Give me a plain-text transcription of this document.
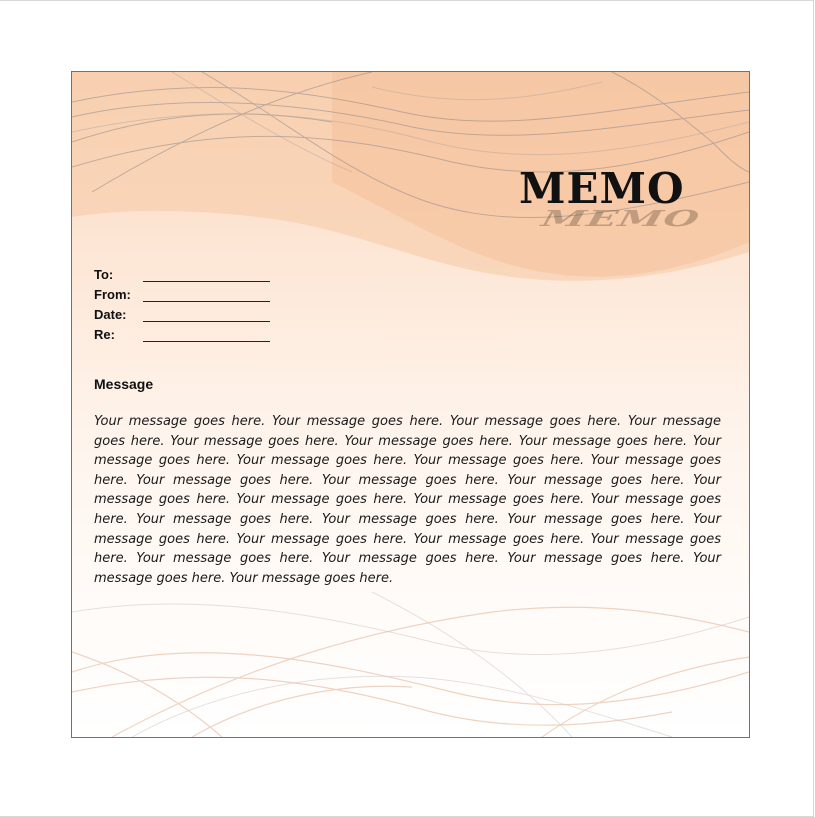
MEMO
MEMO
To:
From:
Date:
Re:
Message

Your message goes here. Your message goes here. Your message goes here. Your message goes here. Your message goes here. Your message goes here. Your message goes here. Your message goes here. Your message goes here. Your message goes here. Your message goes here. Your message goes here. Your message goes here. Your message goes here. Your message goes here. Your message goes here. Your message goes here. Your message goes here. Your message goes here. Your message goes here. Your message goes here. Your message goes here. Your message goes here. Your message goes here. Your message goes here. Your message goes here. Your message goes here. Your message goes here. Your message goes here. Your message goes here.
